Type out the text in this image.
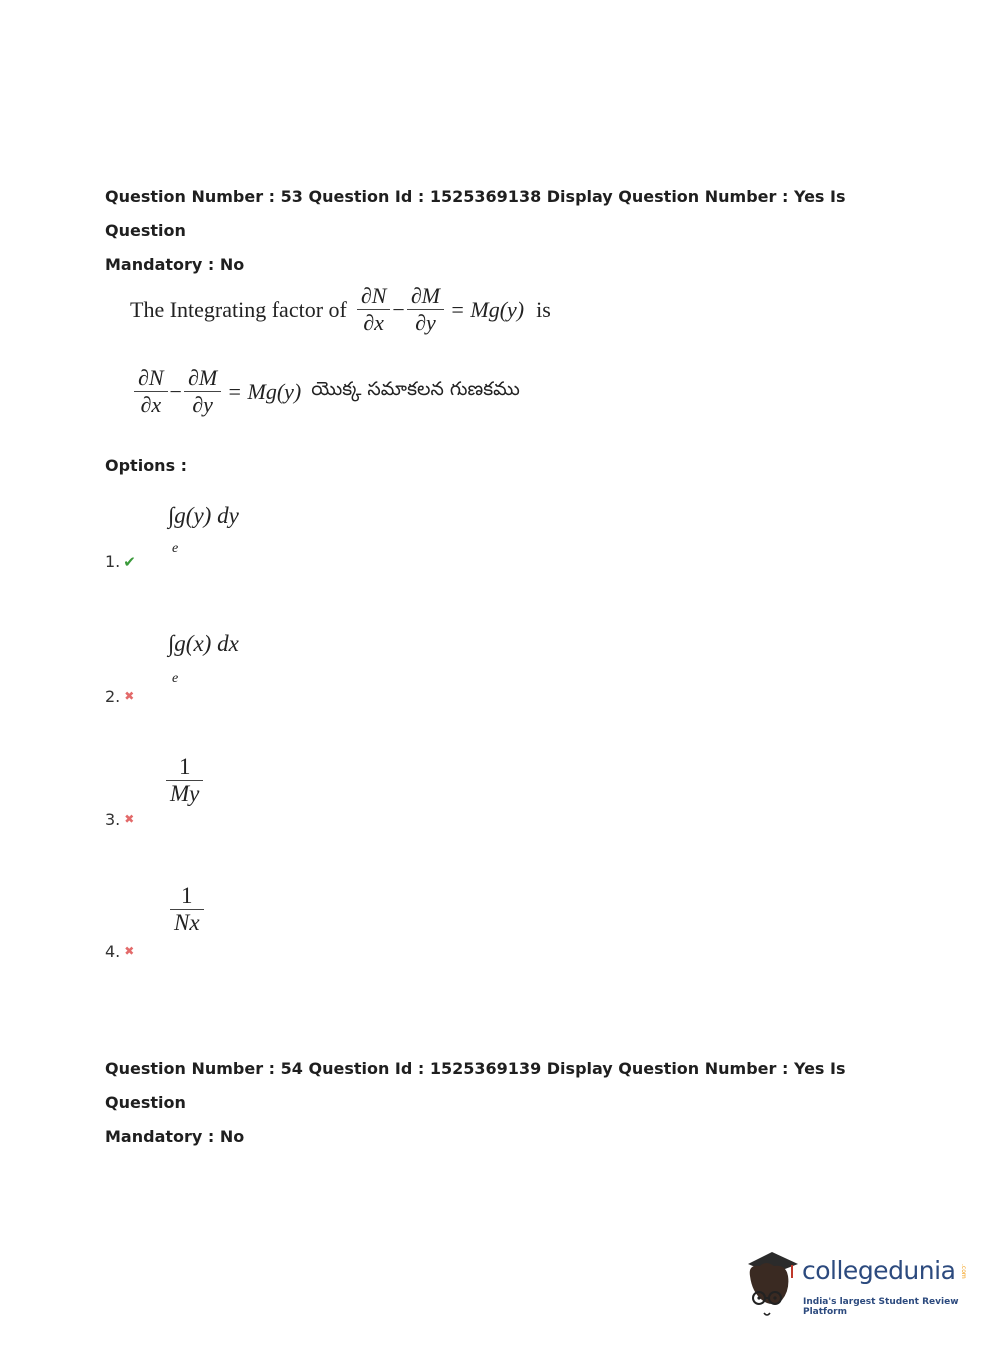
Question Number : 53 Question Id : 1525369138 Display Question Number : Yes Is Question
Mandatory : No
The Integrating factor of $\frac{\partial N}{\partial x} - \frac{\partial M}{\partial y} = Mg(y)$ is
$\frac{\partial N}{\partial x} - \frac{\partial M}{\partial y} = Mg(y)$ యొక్క సమాకలన గుణకము
Options :
∫g(y) dy
e
1. ✔
∫g(x) dx
e
2. ✖
$\frac{1}{My}$
3. ✖
$\frac{1}{Nx}$
4. ✖
Question Number : 54 Question Id : 1525369139 Display Question Number : Yes Is Question
Mandatory : No
collegedunia .com
India's largest Student Review Platform
